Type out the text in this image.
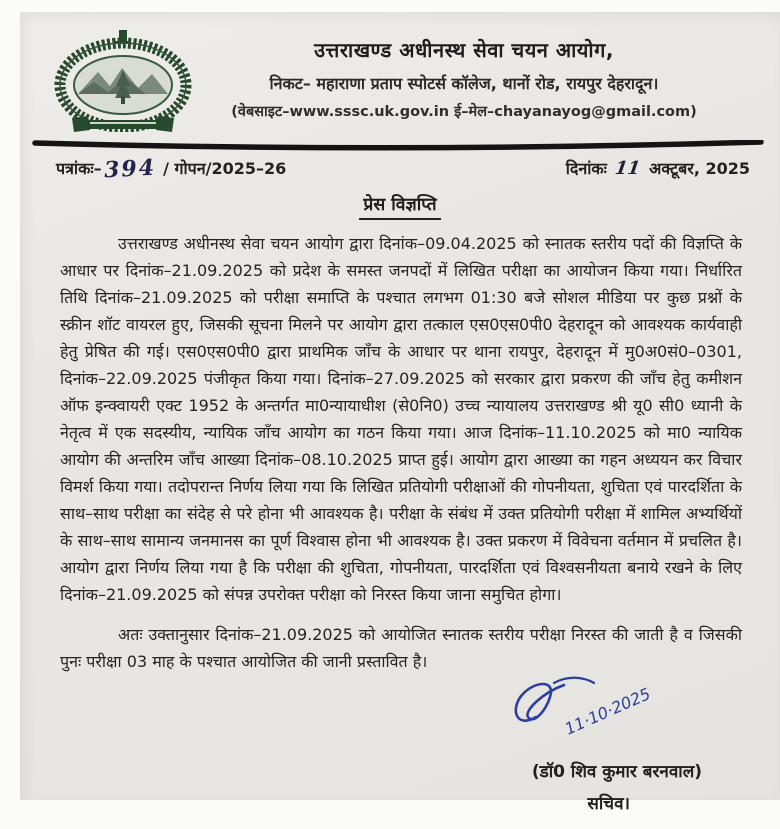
उत्तराखण्ड अधीनस्थ सेवा चयन आयोग,
निकट– महाराणा प्रताप स्पोटर्स कॉलेज, थानों रोड, रायपुर देहरादून।
(वेबसाइट–www.sssc.uk.gov.in ई–मेल–chayanayog@gmail.com)
पत्रांकः–394 / गोपन/2025–26	दिनांकः 11 अक्टूबर, 2025
प्रेस विज्ञप्ति

उत्तराखण्ड अधीनस्थ सेवा चयन आयोग द्वारा दिनांक–09.04.2025 को स्नातक स्तरीय पदों की विज्ञप्ति के आधार पर दिनांक–21.09.2025 को प्रदेश के समस्त जनपदों में लिखित परीक्षा का आयोजन किया गया। निर्धारित तिथि दिनांक–21.09.2025 को परीक्षा समाप्ति के पश्चात लगभग 01:30 बजे सोशल मीडिया पर कुछ प्रश्नों के स्क्रीन शॉट वायरल हुए, जिसकी सूचना मिलने पर आयोग द्वारा तत्काल एस0एस0पी0 देहरादून को आवश्यक कार्यवाही हेतु प्रेषित की गई। एस0एस0पी0 द्वारा प्राथमिक जाँच के आधार पर थाना रायपुर, देहरादून में मु0अ0सं0–0301, दिनांक–22.09.2025 पंजीकृत किया गया। दिनांक–27.09.2025 को सरकार द्वारा प्रकरण की जाँच हेतु कमीशन ऑफ इन्क्वायरी एक्ट 1952 के अन्तर्गत मा0न्यायाधीश (से0नि0) उच्च न्यायालय उत्तराखण्ड श्री यू0 सी0 ध्यानी के नेतृत्व में एक सदस्यीय, न्यायिक जाँच आयोग का गठन किया गया। आज दिनांक–11.10.2025 को मा0 न्यायिक आयोग की अन्तरिम जाँच आख्या दिनांक–08.10.2025 प्राप्त हुई। आयोग द्वारा आख्या का गहन अध्ययन कर विचार विमर्श किया गया। तदोपरान्त निर्णय लिया गया कि लिखित प्रतियोगी परीक्षाओं की गोपनीयता, शुचिता एवं पारदर्शिता के साथ–साथ परीक्षा का संदेह से परे होना भी आवश्यक है। परीक्षा के संबंध में उक्त प्रतियोगी परीक्षा में शामिल अभ्यर्थियों के साथ–साथ सामान्य जनमानस का पूर्ण विश्वास होना भी आवश्यक है। उक्त प्रकरण में विवेचना वर्तमान में प्रचलित है। आयोग द्वारा निर्णय लिया गया है कि परीक्षा की शुचिता, गोपनीयता, पारदर्शिता एवं विश्वसनीयता बनाये रखने के लिए दिनांक–21.09.2025 को संपन्न उपरोक्त परीक्षा को निरस्त किया जाना समुचित होगा।

अतः उक्तानुसार दिनांक–21.09.2025 को आयोजित स्नातक स्तरीय परीक्षा निरस्त की जाती है व जिसकी पुनः परीक्षा 03 माह के पश्चात आयोजित की जानी प्रस्तावित है।

11·10·2025
(डॉ0 शिव कुमार बरनवाल)
सचिव।
